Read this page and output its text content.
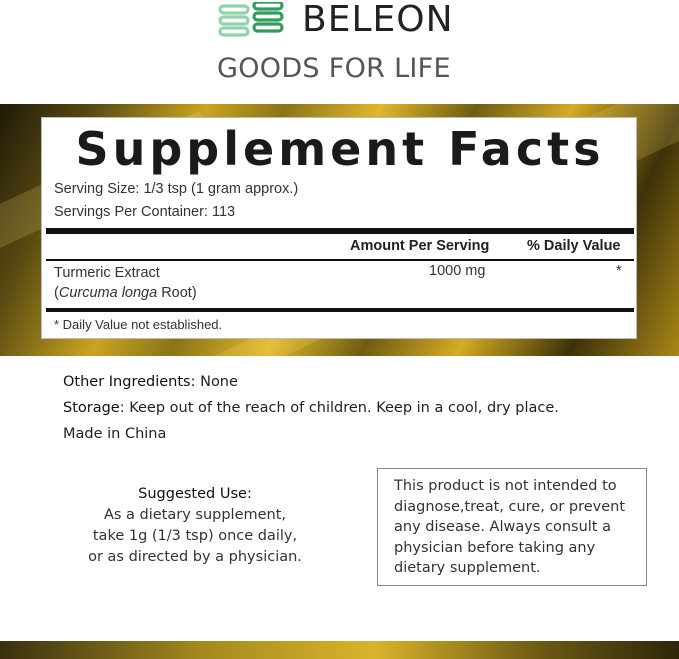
BELEON
GOODS FOR LIFE
Supplement Facts
Serving Size: 1/3 tsp (1 gram approx.)
Servings Per Container: 113
Amount Per Serving	% Daily Value
Turmeric Extract
(Curcuma longa Root)
1000 mg	*
* Daily Value not established.
Other Ingredients: None
Storage: Keep out of the reach of children. Keep in a cool, dry place.
Made in China
Suggested Use:
As a dietary supplement,
take 1g (1/3 tsp) once daily,
or as directed by a physician.
This product is not intended to
diagnose,treat, cure, or prevent
any disease. Always consult a
physician before taking any
dietary supplement.
